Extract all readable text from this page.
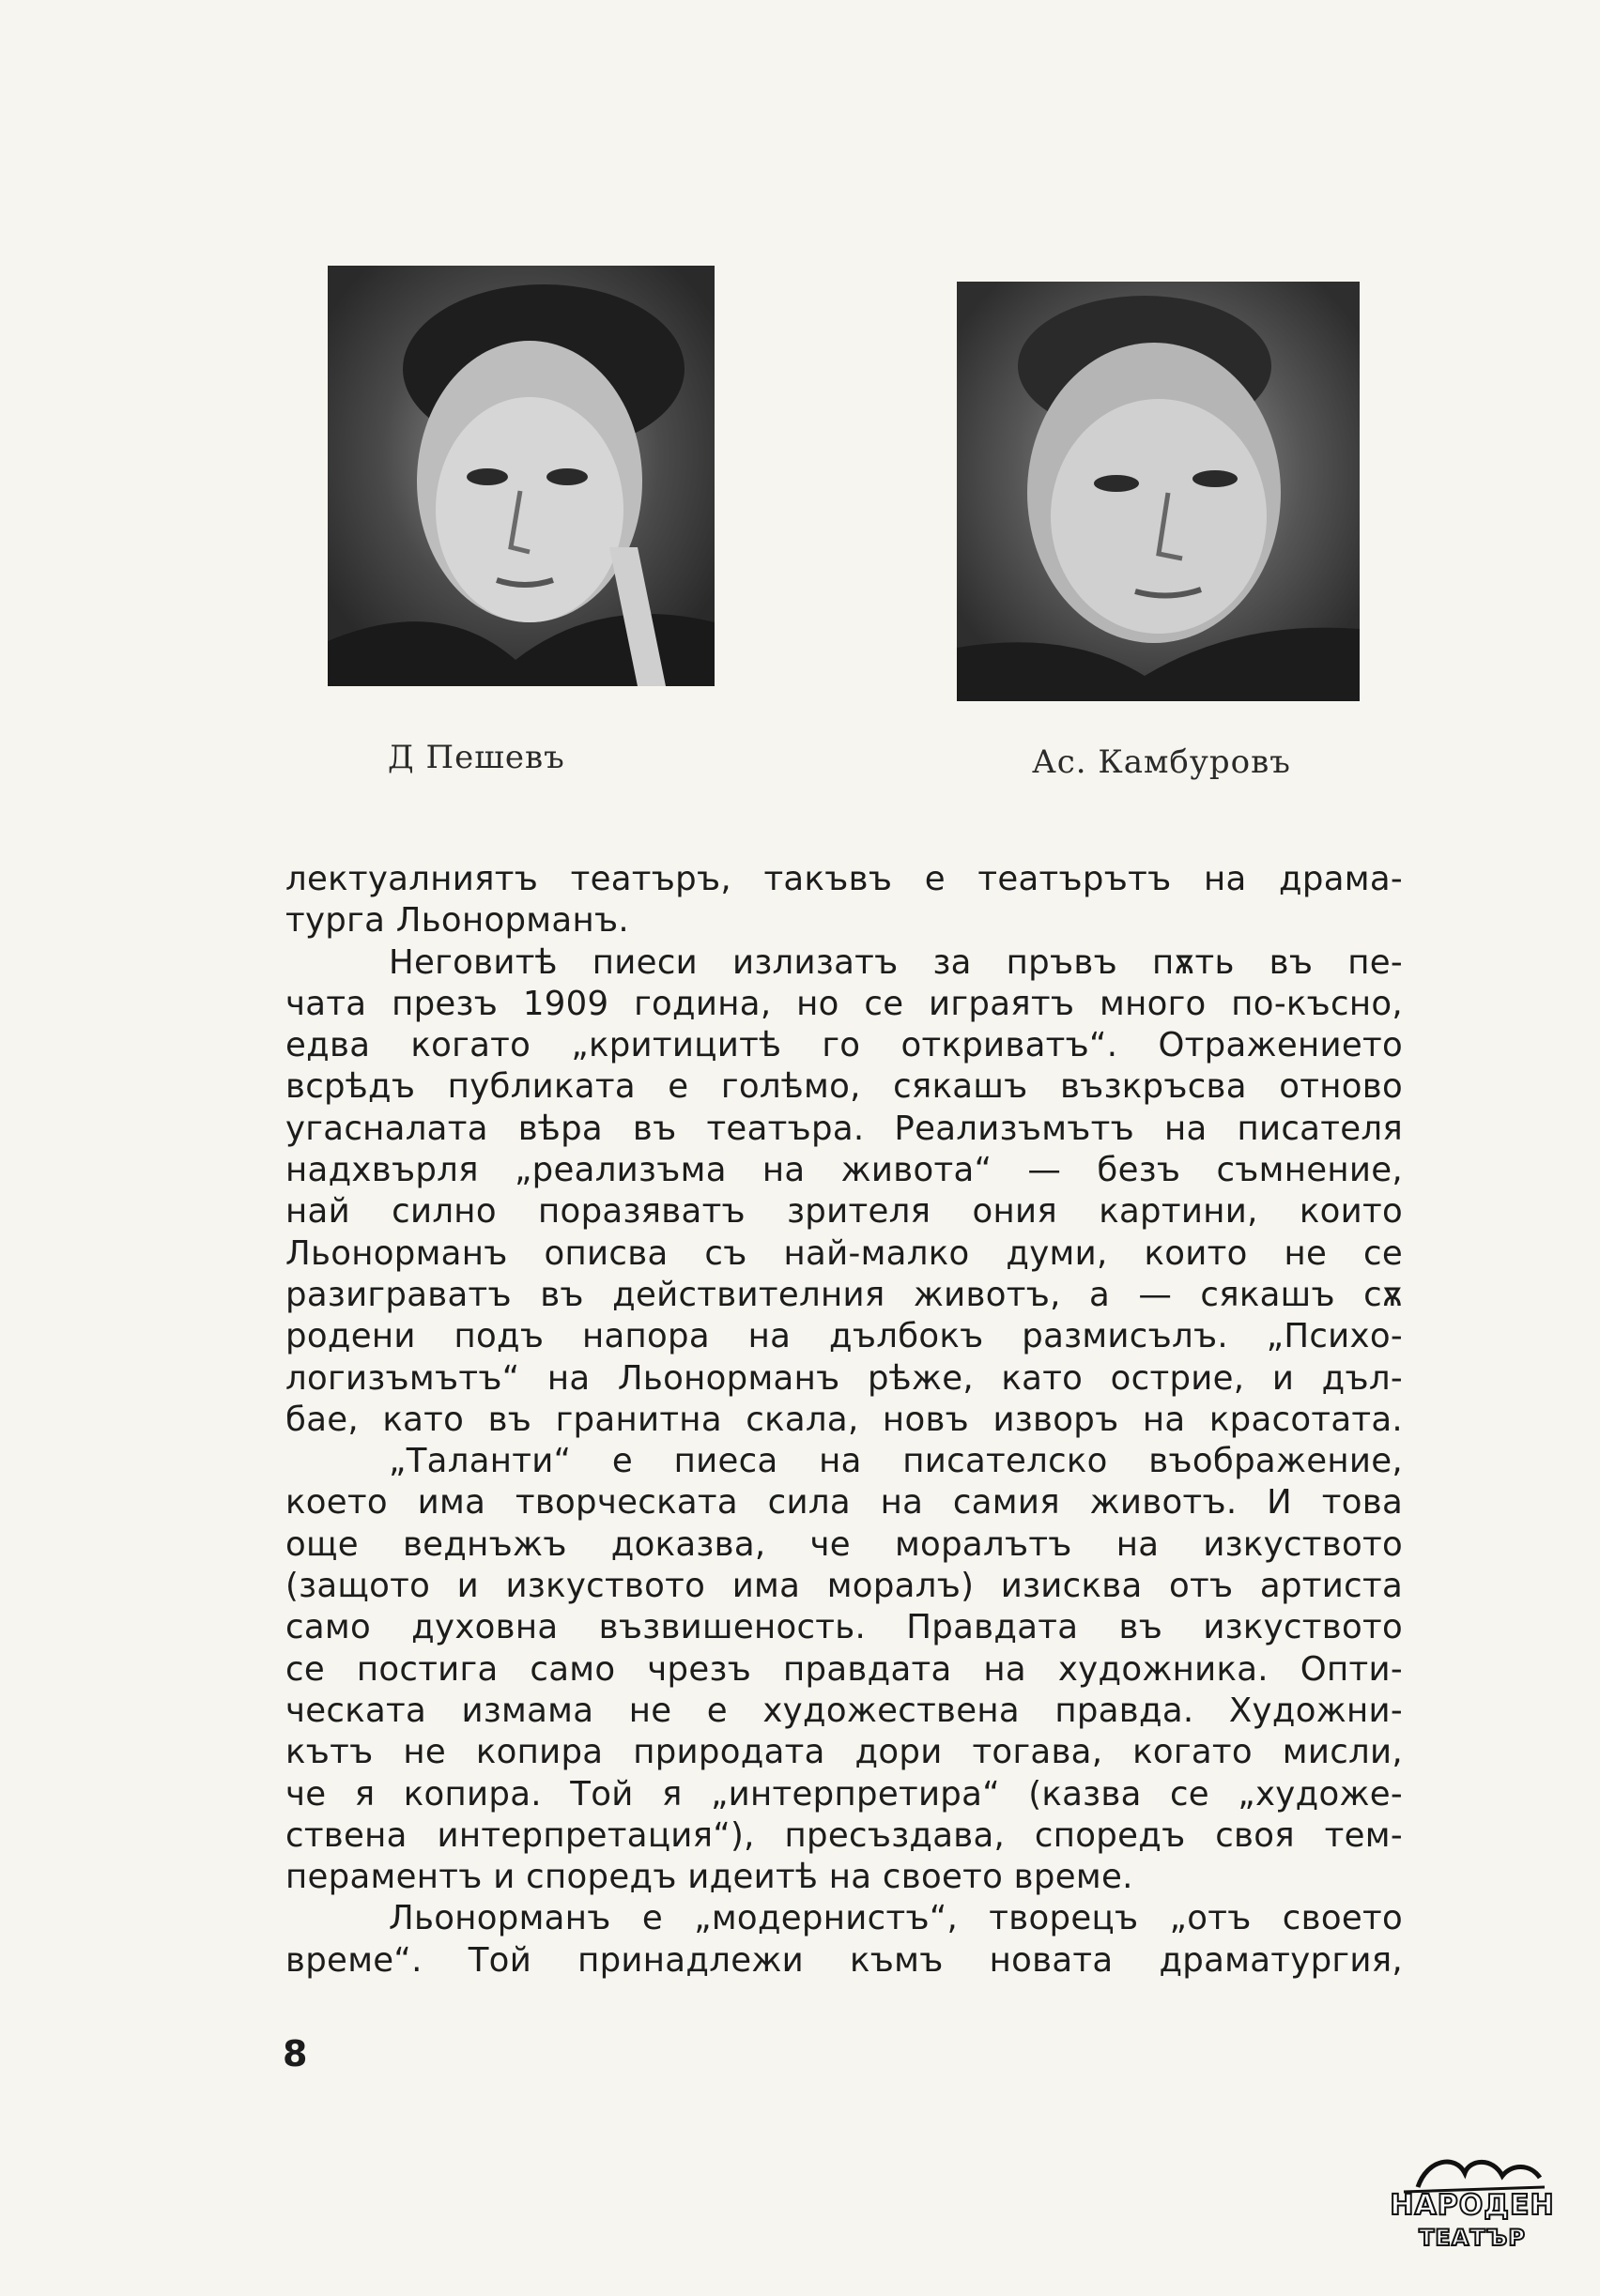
Д Пешевъ	Ас. Камбуровъ
лектуалниятъ театъръ, такъвъ е театърътъ на драма-
турга Льонорманъ.
Неговитѣ пиеси излизатъ за пръвъ пѫть въ пе-
чата презъ 1909 година, но се играятъ много по-късно,
едва когато „критицитѣ го откриватъ“. Отражението
всрѣдъ публиката е голѣмо, сякашъ възкръсва отново
угасналата вѣра въ театъра. Реализъмътъ на писателя
надхвърля „реализъма на живота“ — безъ съмнение,
най силно поразяватъ зрителя ония картини, които
Льонорманъ описва съ най-малко думи, които не се
разиграватъ въ действителния животъ, а — сякашъ сѫ
родени подъ напора на дълбокъ размисълъ. „Психо-
логизъмътъ“ на Льонорманъ рѣже, като острие, и дъл-
бае, като въ гранитна скала, новъ изворъ на красотата.
„Таланти“ е пиеса на писателско въображение,
което има творческата сила на самия животъ. И това
още веднъжъ доказва, че моралътъ на изкуството
(защото и изкуството има моралъ) изисква отъ артиста
само духовна възвишеность. Правдата въ изкуството
се постига само чрезъ правдата на художника. Опти-
ческата измама не е художествена правда. Художни-
кътъ не копира природата дори тогава, когато мисли,
че я копира. Той я „интерпретира“ (казва се „художе-
ствена интерпретация“), пресъздава, споредъ своя тем-
пераментъ и споредъ идеитѣ на своето време.
Льонорманъ е „модернистъ“, творецъ „отъ своето
време“. Той принадлежи къмъ новата драматургия,
8
НАРОДЕН
ТЕАТЪР
